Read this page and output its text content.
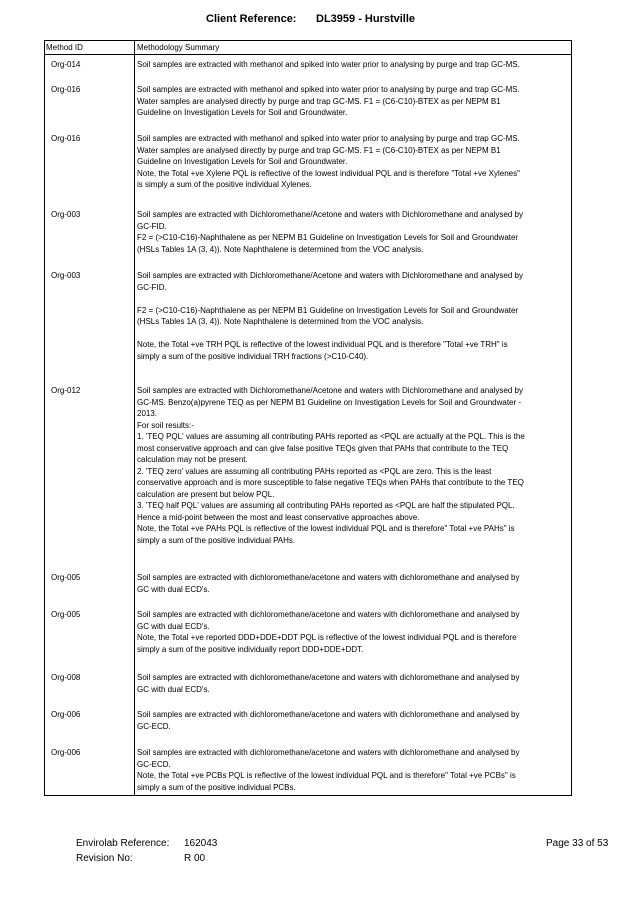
Client Reference: DL3959 - Hurstville
Method ID	Methodology Summary
Org-014	Soil samples are extracted with methanol and spiked into water prior to analysing by purge and trap GC-MS.

Org-016	Soil samples are extracted with methanol and spiked into water prior to analysing by purge and trap GC-MS.

Water samples are analysed directly by purge and trap GC-MS. F1 = (C6-C10)-BTEX as per NEPM B1

Guideline on Investigation Levels for Soil and Groundwater.

Org-016	Soil samples are extracted with methanol and spiked into water prior to analysing by purge and trap GC-MS.

Water samples are analysed directly by purge and trap GC-MS. F1 = (C6-C10)-BTEX as per NEPM B1

Guideline on Investigation Levels for Soil and Groundwater.

Note, the Total +ve Xylene PQL is reflective of the lowest individual PQL and is therefore "Total +ve Xylenes"

is simply a sum of the positive individual Xylenes.

Org-003	Soil samples are extracted with Dichloromethane/Acetone and waters with Dichloromethane and analysed by

GC-FID.

F2 = (>C10-C16)-Naphthalene as per NEPM B1 Guideline on Investigation Levels for Soil and Groundwater

(HSLs Tables 1A (3, 4)). Note Naphthalene is determined from the VOC analysis.

Org-003	Soil samples are extracted with Dichloromethane/Acetone and waters with Dichloromethane and analysed by

GC-FID.

F2 = (>C10-C16)-Naphthalene as per NEPM B1 Guideline on Investigation Levels for Soil and Groundwater

(HSLs Tables 1A (3, 4)). Note Naphthalene is determined from the VOC analysis.

Note, the Total +ve TRH PQL is reflective of the lowest individual PQL and is therefore "Total +ve TRH" is

simply a sum of the positive individual TRH fractions (>C10-C40).

Org-012	Soil samples are extracted with Dichloromethane/Acetone and waters with Dichloromethane and analysed by

GC-MS. Benzo(a)pyrene TEQ as per NEPM B1 Guideline on Investigation Levels for Soil and Groundwater -

2013.

For soil results:-

1. 'TEQ PQL' values are assuming all contributing PAHs reported as <PQL are actually at the PQL. This is the

most conservative approach and can give false positive TEQs given that PAHs that contribute to the TEQ

calculation may not be present.

2. 'TEQ zero' values are assuming all contributing PAHs reported as <PQL are zero. This is the least

conservative approach and is more susceptible to false negative TEQs when PAHs that contribute to the TEQ

calculation are present but below PQL.

3. 'TEQ half PQL' values are assuming all contributing PAHs reported as <PQL are half the stipulated PQL.

Hence a mid-point between the most and least conservative approaches above.

Note, the Total +ve PAHs PQL is reflective of the lowest individual PQL and is therefore" Total +ve PAHs" is

simply a sum of the positive individual PAHs.

Org-005	Soil samples are extracted with dichloromethane/acetone and waters with dichloromethane and analysed by

GC with dual ECD's.

Org-005	Soil samples are extracted with dichloromethane/acetone and waters with dichloromethane and analysed by

GC with dual ECD's.

Note, the Total +ve reported DDD+DDE+DDT PQL is reflective of the lowest individual PQL and is therefore

simply a sum of the positive individually report DDD+DDE+DDT.

Org-008	Soil samples are extracted with dichloromethane/acetone and waters with dichloromethane and analysed by

GC with dual ECD's.

Org-006	Soil samples are extracted with dichloromethane/acetone and waters with dichloromethane and analysed by

GC-ECD.

Org-006	Soil samples are extracted with dichloromethane/acetone and waters with dichloromethane and analysed by

GC-ECD.

Note, the Total +ve PCBs PQL is reflective of the lowest individual PQL and is therefore" Total +ve PCBs" is

simply a sum of the positive individual PCBs.

Envirolab Reference: 162043
Revision No:	R 00
Page 33 of 53
